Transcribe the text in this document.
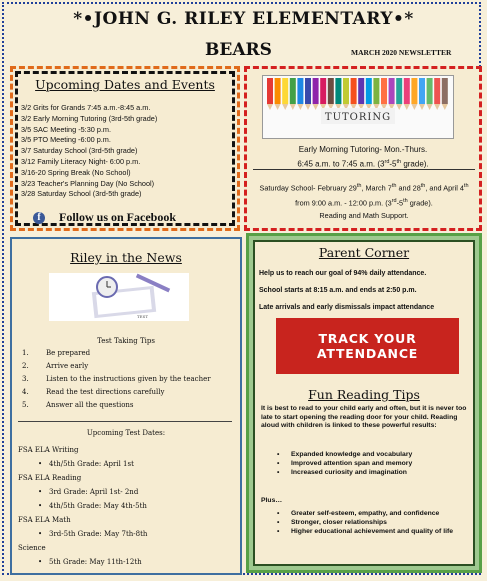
*•JOHN G. RILEY ELEMENTARY•*
BEARS	MARCH 2020 NEWSLETTER
Upcoming Dates and Events
3/2 Grits for Grands 7:45 a.m.-8:45 a.m.
3/2 Early Morning Tutoring (3rd-5th grade)
3/5 SAC Meeting -5:30 p.m.
3/5 PTO Meeting -6:00 p.m.
3/7 Saturday School (3rd-5th grade)
3/12 Family Literacy Night- 6:00 p.m.
3/16-20 Spring Break (No School)
3/23 Teacher's Planning Day (No School)
3/28 Saturday School (3rd-5th grade)
f	Follow us on Facebook
TUTORING
Early Morning Tutoring- Mon.-Thurs.
6:45 a.m. to 7:45 a.m. (3rd-5th grade).
Saturday School- February 29th, March 7th and 28th, and April 4th from 9:00 a.m. - 12:00 p.m. (3rd-5th grade).
Reading and Math Support.
Riley in the News
TEST
Test Taking Tips
1. Be prepared
2. Arrive early
3. Listen to the instructions given by the teacher
4. Read the test directions carefully
5. Answer all the questions
Upcoming Test Dates:
FSA ELA Writing
• 4th/5th Grade: April 1st
FSA ELA Reading
• 3rd Grade: April 1st- 2nd
• 4th/5th Grade: May 4th-5th
FSA ELA Math
• 3rd-5th Grade: May 7th-8th
Science
• 5th Grade: May 11th-12th
Parent Corner
Help us to reach our goal of 94% daily attendance.
School starts at 8:15 a.m. and ends at 2:50 p.m.
Late arrivals and early dismissals impact attendance
TRACK YOUR
ATTENDANCE
Fun Reading Tips
It is best to read to your child early and often, but it is never too late to start opening the reading door for your child. Reading aloud with children is linked to these powerful results:
• Expanded knowledge and vocabulary
• Improved attention span and memory
• Increased curiosity and imagination
Plus…
• Greater self-esteem, empathy, and confidence
• Stronger, closer relationships
• Higher educational achievement and quality of life
